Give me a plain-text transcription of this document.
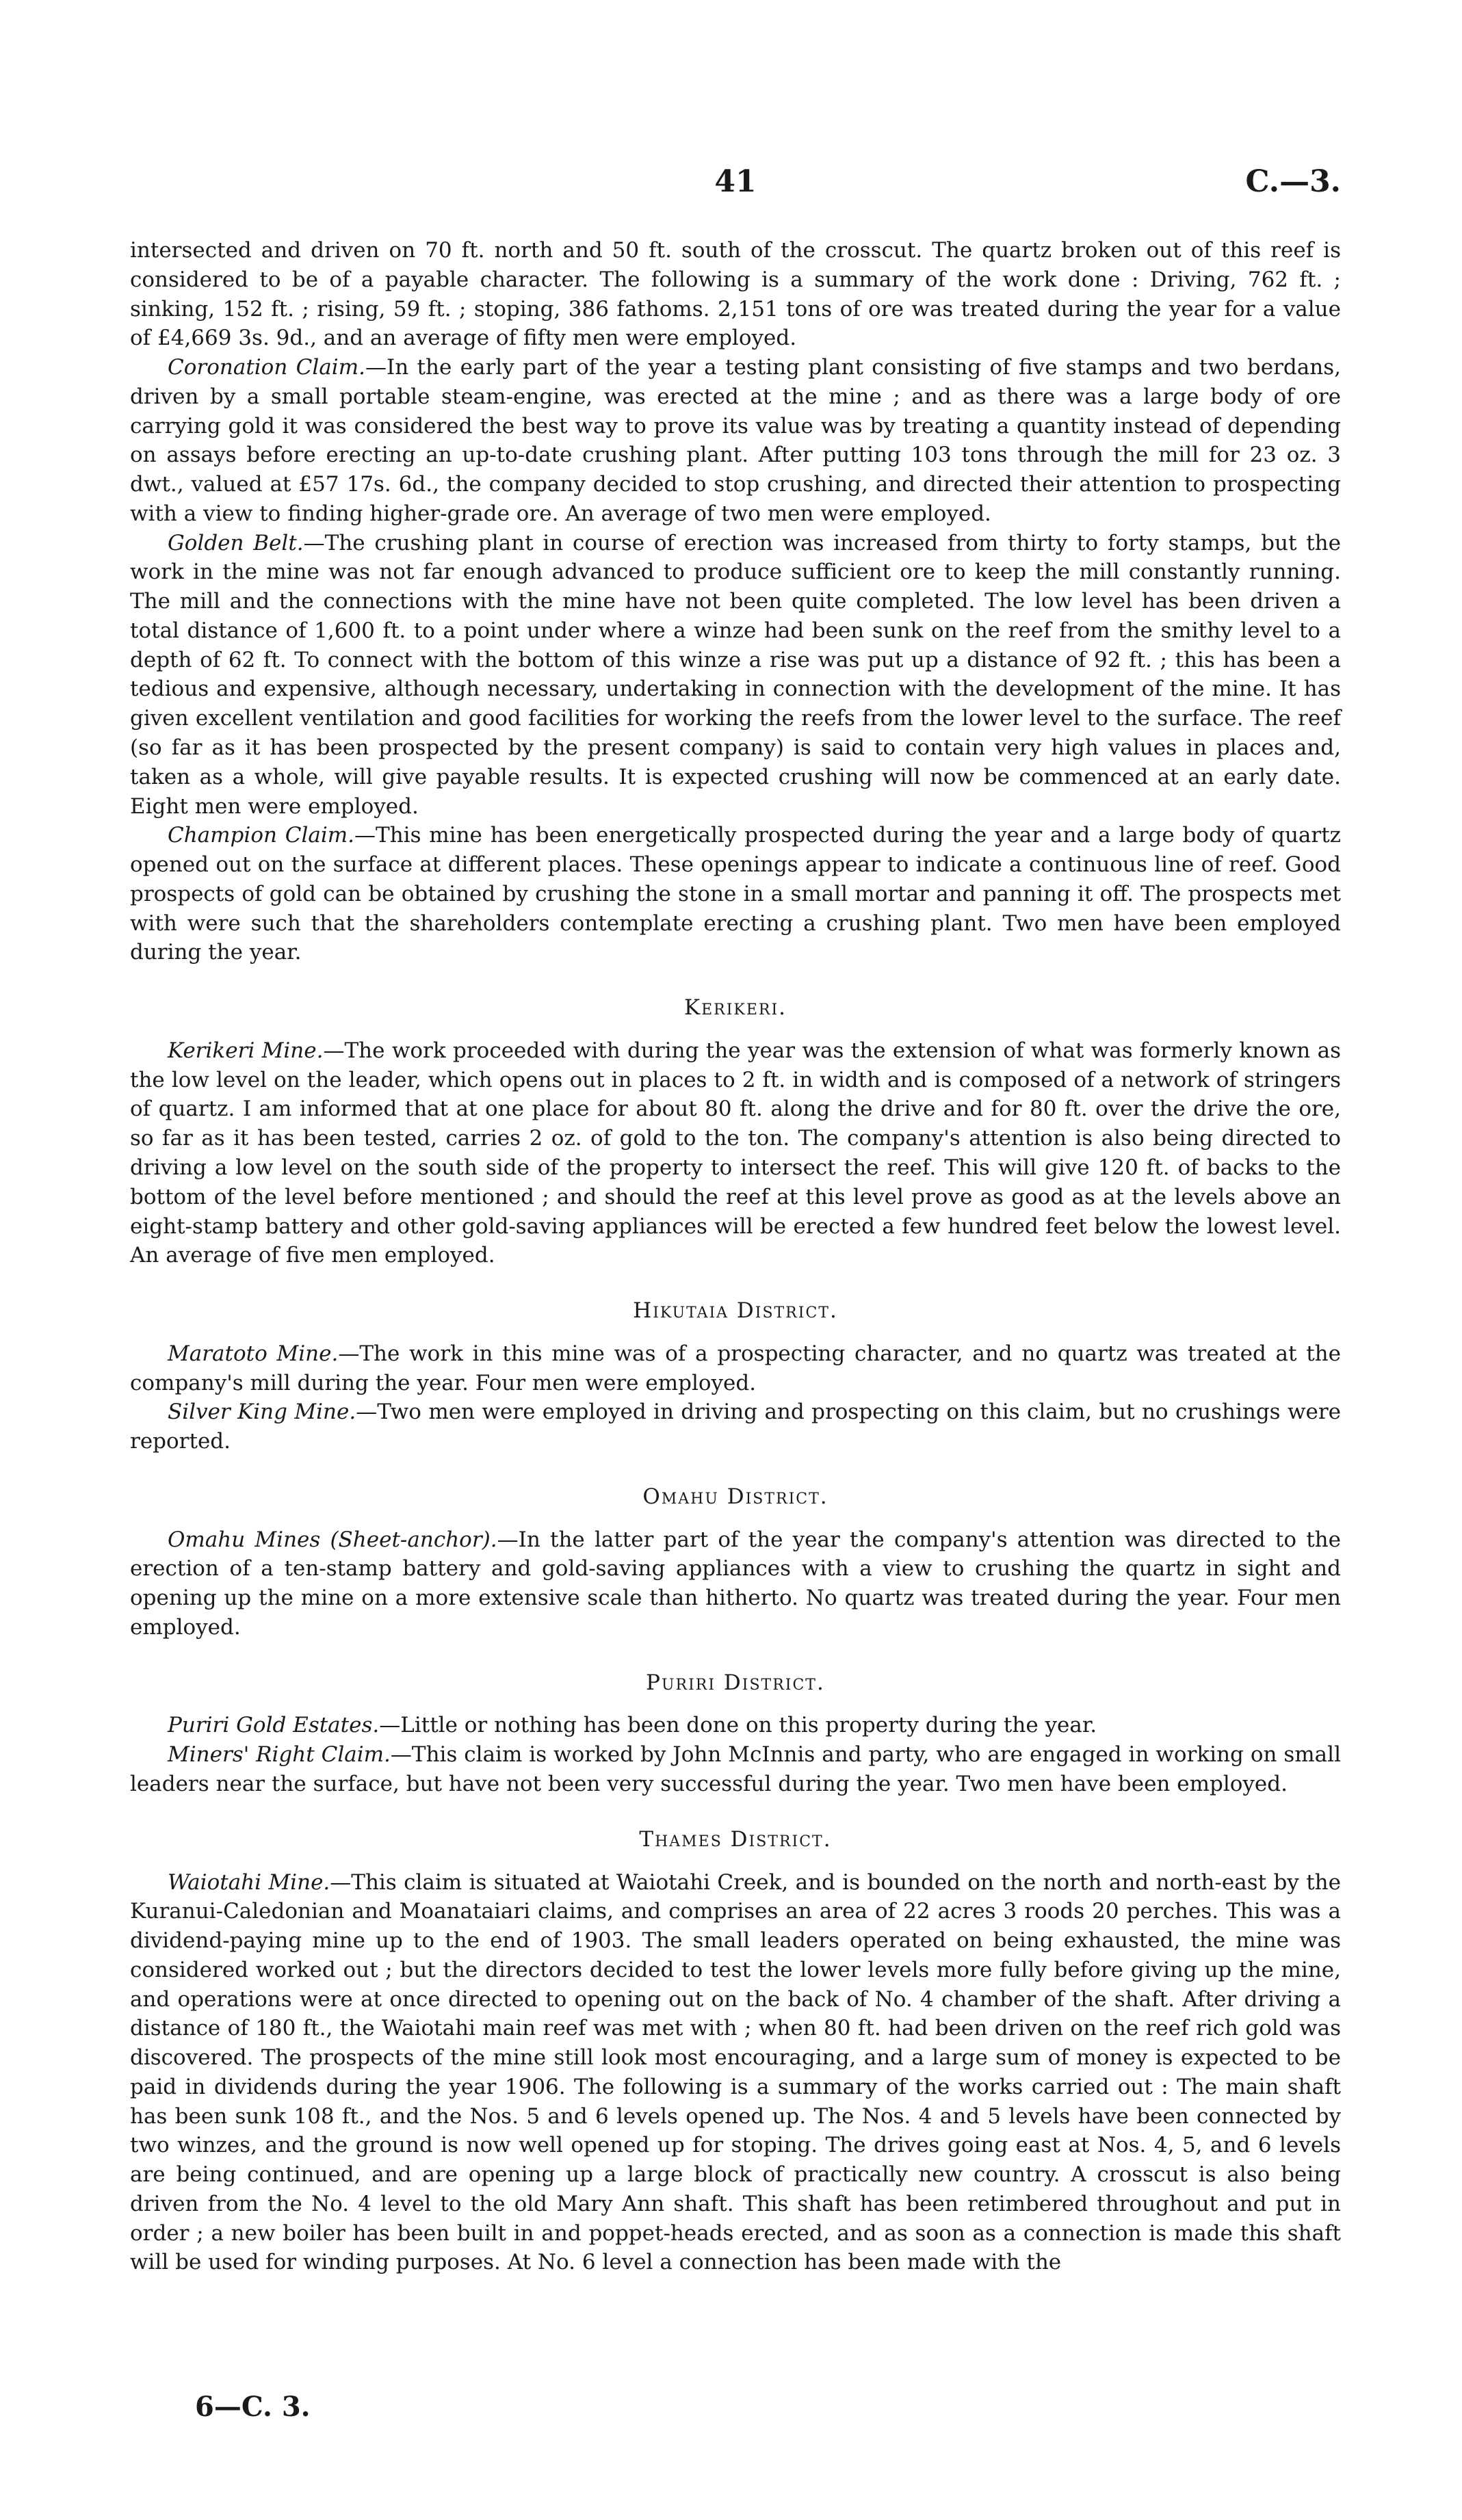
41	C.—3.

intersected and driven on 70 ft. north and 50 ft. south of the crosscut. The quartz broken out of this reef is considered to be of a payable character. The following is a summary of the work done : Driving, 762 ft. ; sinking, 152 ft. ; rising, 59 ft. ; stoping, 386 fathoms. 2,151 tons of ore was treated during the year for a value of £4,669 3s. 9d., and an average of fifty men were employed.

Coronation Claim.—In the early part of the year a testing plant consisting of five stamps and two berdans, driven by a small portable steam-engine, was erected at the mine ; and as there was a large body of ore carrying gold it was considered the best way to prove its value was by treating a quantity instead of depending on assays before erecting an up-to-date crushing plant. After putting 103 tons through the mill for 23 oz. 3 dwt., valued at £57 17s. 6d., the company decided to stop crushing, and directed their attention to prospecting with a view to finding higher-grade ore. An average of two men were employed.

Golden Belt.—The crushing plant in course of erection was increased from thirty to forty stamps, but the work in the mine was not far enough advanced to produce sufficient ore to keep the mill constantly running. The mill and the connections with the mine have not been quite completed. The low level has been driven a total distance of 1,600 ft. to a point under where a winze had been sunk on the reef from the smithy level to a depth of 62 ft. To connect with the bottom of this winze a rise was put up a distance of 92 ft. ; this has been a tedious and expensive, although necessary, undertaking in connection with the development of the mine. It has given excellent ventilation and good facilities for working the reefs from the lower level to the surface. The reef (so far as it has been prospected by the present company) is said to contain very high values in places and, taken as a whole, will give payable results. It is expected crushing will now be commenced at an early date. Eight men were employed.

Champion Claim.—This mine has been energetically prospected during the year and a large body of quartz opened out on the surface at different places. These openings appear to indicate a continuous line of reef. Good prospects of gold can be obtained by crushing the stone in a small mortar and panning it off. The prospects met with were such that the shareholders contemplate erecting a crushing plant. Two men have been employed during the year.

Kerikeri.

Kerikeri Mine.—The work proceeded with during the year was the extension of what was formerly known as the low level on the leader, which opens out in places to 2 ft. in width and is composed of a network of stringers of quartz. I am informed that at one place for about 80 ft. along the drive and for 80 ft. over the drive the ore, so far as it has been tested, carries 2 oz. of gold to the ton. The company's attention is also being directed to driving a low level on the south side of the property to intersect the reef. This will give 120 ft. of backs to the bottom of the level before mentioned ; and should the reef at this level prove as good as at the levels above an eight-stamp battery and other gold-saving appliances will be erected a few hundred feet below the lowest level. An average of five men employed.

Hikutaia District.

Maratoto Mine.—The work in this mine was of a prospecting character, and no quartz was treated at the company's mill during the year. Four men were employed.

Silver King Mine.—Two men were employed in driving and prospecting on this claim, but no crushings were reported.

Omahu District.

Omahu Mines (Sheet-anchor).—In the latter part of the year the company's attention was directed to the erection of a ten-stamp battery and gold-saving appliances with a view to crushing the quartz in sight and opening up the mine on a more extensive scale than hitherto. No quartz was treated during the year. Four men employed.

Puriri District.

Puriri Gold Estates.—Little or nothing has been done on this property during the year.

Miners' Right Claim.—This claim is worked by John McInnis and party, who are engaged in working on small leaders near the surface, but have not been very successful during the year. Two men have been employed.

Thames District.

Waiotahi Mine.—This claim is situated at Waiotahi Creek, and is bounded on the north and north-east by the Kuranui-Caledonian and Moanataiari claims, and comprises an area of 22 acres 3 roods 20 perches. This was a dividend-paying mine up to the end of 1903. The small leaders operated on being exhausted, the mine was considered worked out ; but the directors decided to test the lower levels more fully before giving up the mine, and operations were at once directed to opening out on the back of No. 4 chamber of the shaft. After driving a distance of 180 ft., the Waiotahi main reef was met with ; when 80 ft. had been driven on the reef rich gold was discovered. The prospects of the mine still look most encouraging, and a large sum of money is expected to be paid in dividends during the year 1906. The following is a summary of the works carried out : The main shaft has been sunk 108 ft., and the Nos. 5 and 6 levels opened up. The Nos. 4 and 5 levels have been connected by two winzes, and the ground is now well opened up for stoping. The drives going east at Nos. 4, 5, and 6 levels are being continued, and are opening up a large block of practically new country. A crosscut is also being driven from the No. 4 level to the old Mary Ann shaft. This shaft has been retimbered throughout and put in order ; a new boiler has been built in and poppet-heads erected, and as soon as a connection is made this shaft will be used for winding purposes. At No. 6 level a connection has been made with the

6—C. 3.
